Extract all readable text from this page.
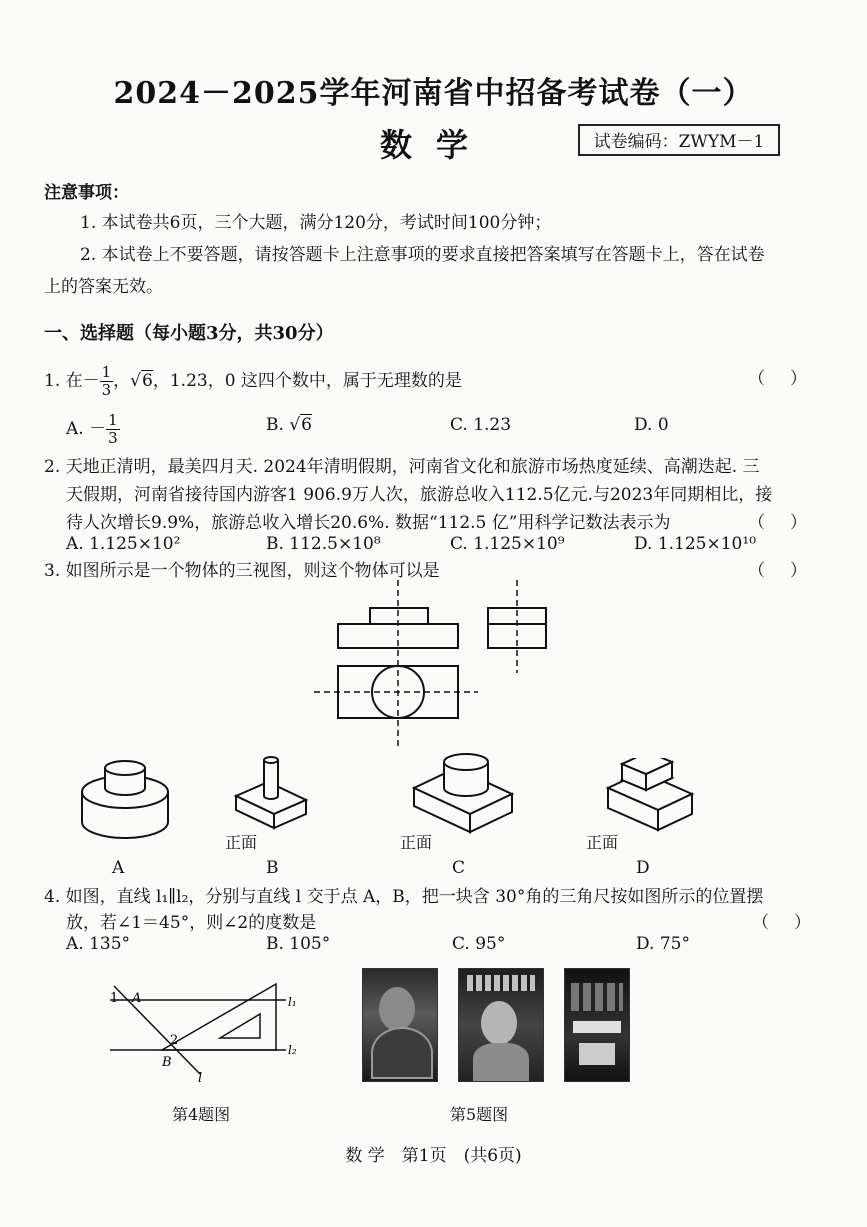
2024－2025学年河南省中招备考试卷（一）
数学	试卷编码：ZWYM－1
注意事项：
1. 本试卷共6页，三个大题，满分120分，考试时间100分钟；
2. 本试卷上不要答题，请按答题卡上注意事项的要求直接把答案填写在答题卡上，答在试卷
上的答案无效。
一、选择题（每小题3分，共30分）
1. 在－ $\frac{1}{3}$ ，√6，1.23，0 这四个数中，属于无理数的是	（　）
A. － $\frac{1}{3}$	B. √6	C. 1.23	D. 0
2. 天地正清明，最美四月天. 2024年清明假期，河南省文化和旅游市场热度延续、高潮迭起. 三
天假期，河南省接待国内游客1 906.9万人次，旅游总收入112.5亿元.与2023年同期相比，接
待人次增长9.9%，旅游总收入增长20.6%. 数据“112.5 亿”用科学记数法表示为	（　）
A. 1.125×10²	B. 112.5×10⁸	C. 1.125×10⁹	D. 1.125×10¹⁰
3. 如图所示是一个物体的三视图，则这个物体可以是	（　）
正面	正面	正面
A	B	C	D
4. 如图，直线 l₁∥l₂，分别与直线 l 交于点 A，B，把一块含 30°角的三角尺按如图所示的位置摆
放，若∠1＝45°，则∠2的度数是	（　）
A. 135°	B. 105°	C. 95°	D. 75°
1 A
2
B
l
l₁
l₂
第4题图	第5题图
数 学　第1页　(共6页)
